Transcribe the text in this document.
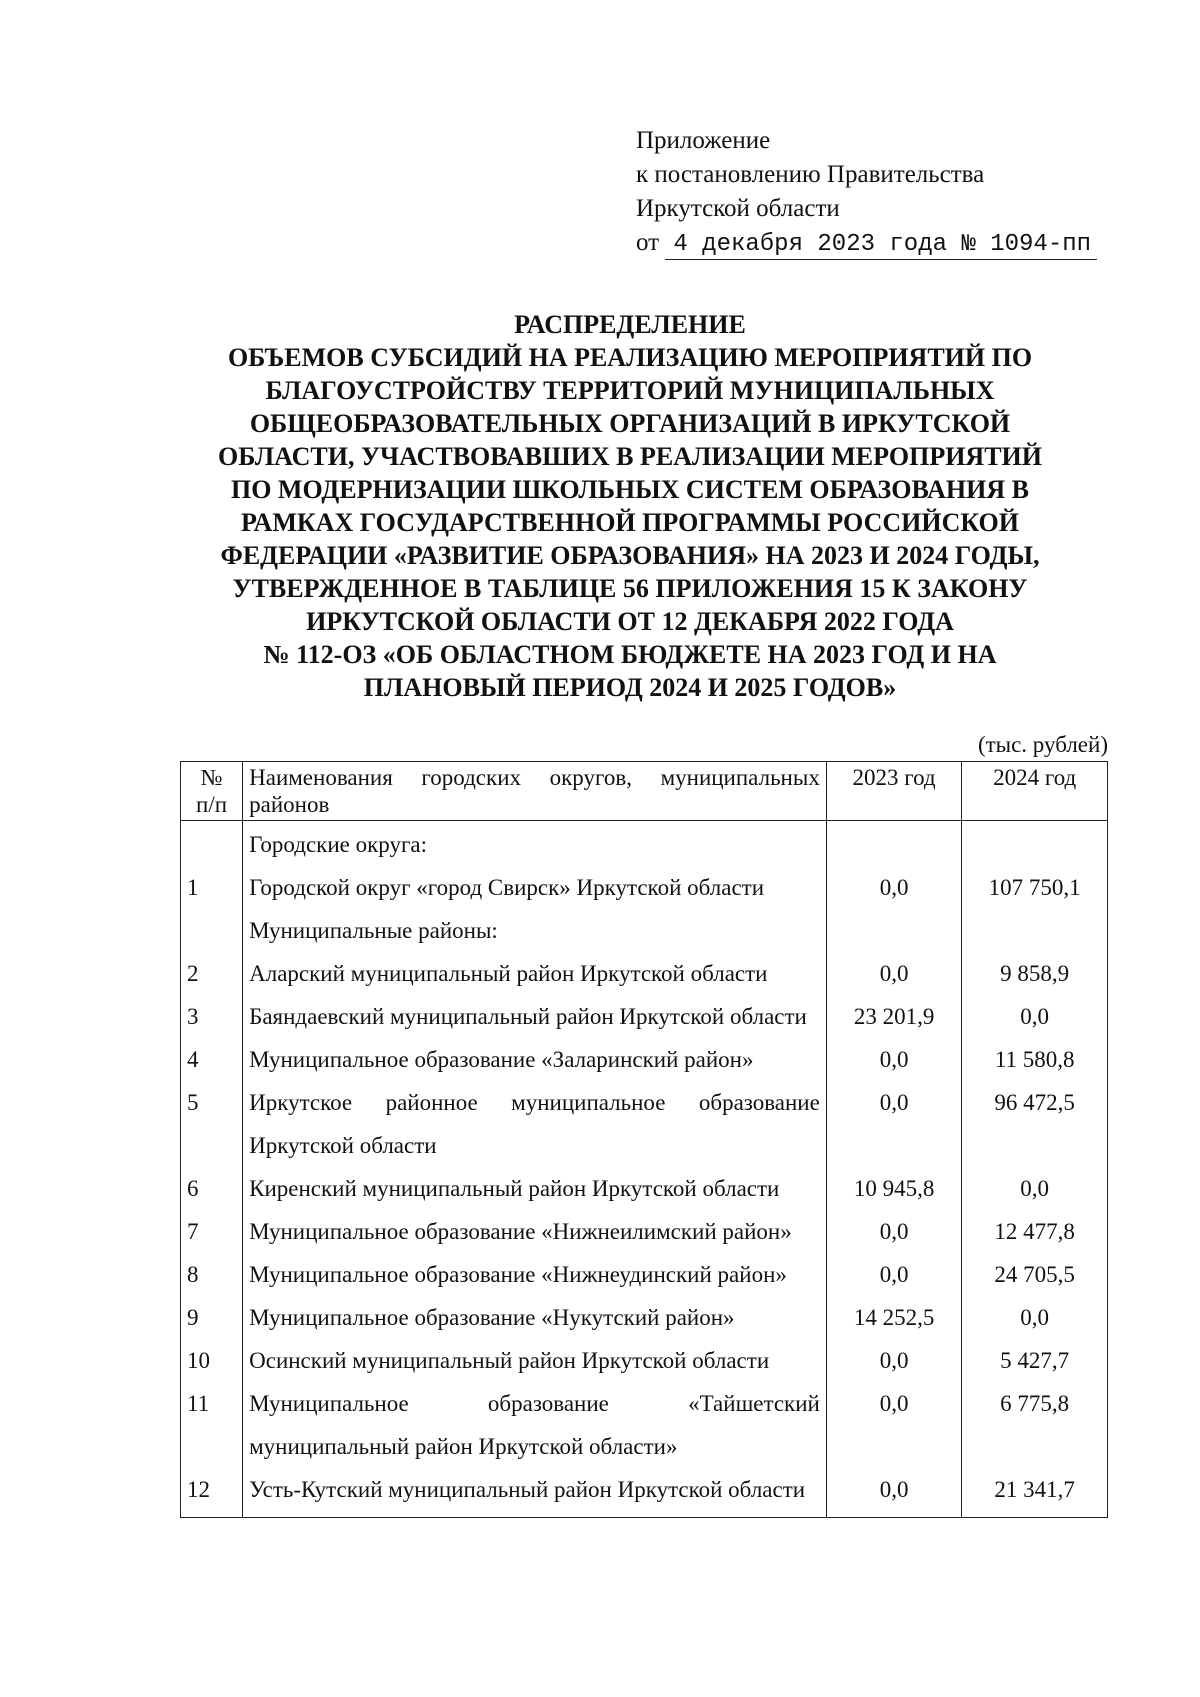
Приложение
к постановлению Правительства
Иркутской области
от 4 декабря 2023 года № 1094-пп
РАСПРЕДЕЛЕНИЕ
ОБЪЕМОВ СУБСИДИЙ НА РЕАЛИЗАЦИЮ МЕРОПРИЯТИЙ ПО
БЛАГОУСТРОЙСТВУ ТЕРРИТОРИЙ МУНИЦИПАЛЬНЫХ
ОБЩЕОБРАЗОВАТЕЛЬНЫХ ОРГАНИЗАЦИЙ В ИРКУТСКОЙ
ОБЛАСТИ, УЧАСТВОВАВШИХ В РЕАЛИЗАЦИИ МЕРОПРИЯТИЙ
ПО МОДЕРНИЗАЦИИ ШКОЛЬНЫХ СИСТЕМ ОБРАЗОВАНИЯ В
РАМКАХ ГОСУДАРСТВЕННОЙ ПРОГРАММЫ РОССИЙСКОЙ
ФЕДЕРАЦИИ «РАЗВИТИЕ ОБРАЗОВАНИЯ» НА 2023 И 2024 ГОДЫ,
УТВЕРЖДЕННОЕ В ТАБЛИЦЕ 56 ПРИЛОЖЕНИЯ 15 К ЗАКОНУ
ИРКУТСКОЙ ОБЛАСТИ ОТ 12 ДЕКАБРЯ 2022 ГОДА
№ 112-ОЗ «ОБ ОБЛАСТНОМ БЮДЖЕТЕ НА 2023 ГОД И НА
ПЛАНОВЫЙ ПЕРИОД 2024 И 2025 ГОДОВ»
(тыс. рублей)
№
п/п	Наименования городских округов, муниципальных районов	2023 год	2024 год
	Городские округа:		
1	Городской округ «город Свирск» Иркутской области	0,0	107 750,1
	Муниципальные районы:		
2	Аларский муниципальный район Иркутской области	0,0	9 858,9
3	Баяндаевский муниципальный район Иркутской области	23 201,9	0,0
4	Муниципальное образование «Заларинский район»	0,0	11 580,8
5	Иркутское районное муниципальное образование Иркутской области	0,0	96 472,5
6	Киренский муниципальный район Иркутской области	10 945,8	0,0
7	Муниципальное образование «Нижнеилимский район»	0,0	12 477,8
8	Муниципальное образование «Нижнеудинский район»	0,0	24 705,5
9	Муниципальное образование «Нукутский район»	14 252,5	0,0
10	Осинский муниципальный район Иркутской области	0,0	5 427,7
11	Муниципальное образование «Тайшетский муниципальный район Иркутской области»	0,0	6 775,8
12	Усть-Кутский муниципальный район Иркутской области	0,0	21 341,7
